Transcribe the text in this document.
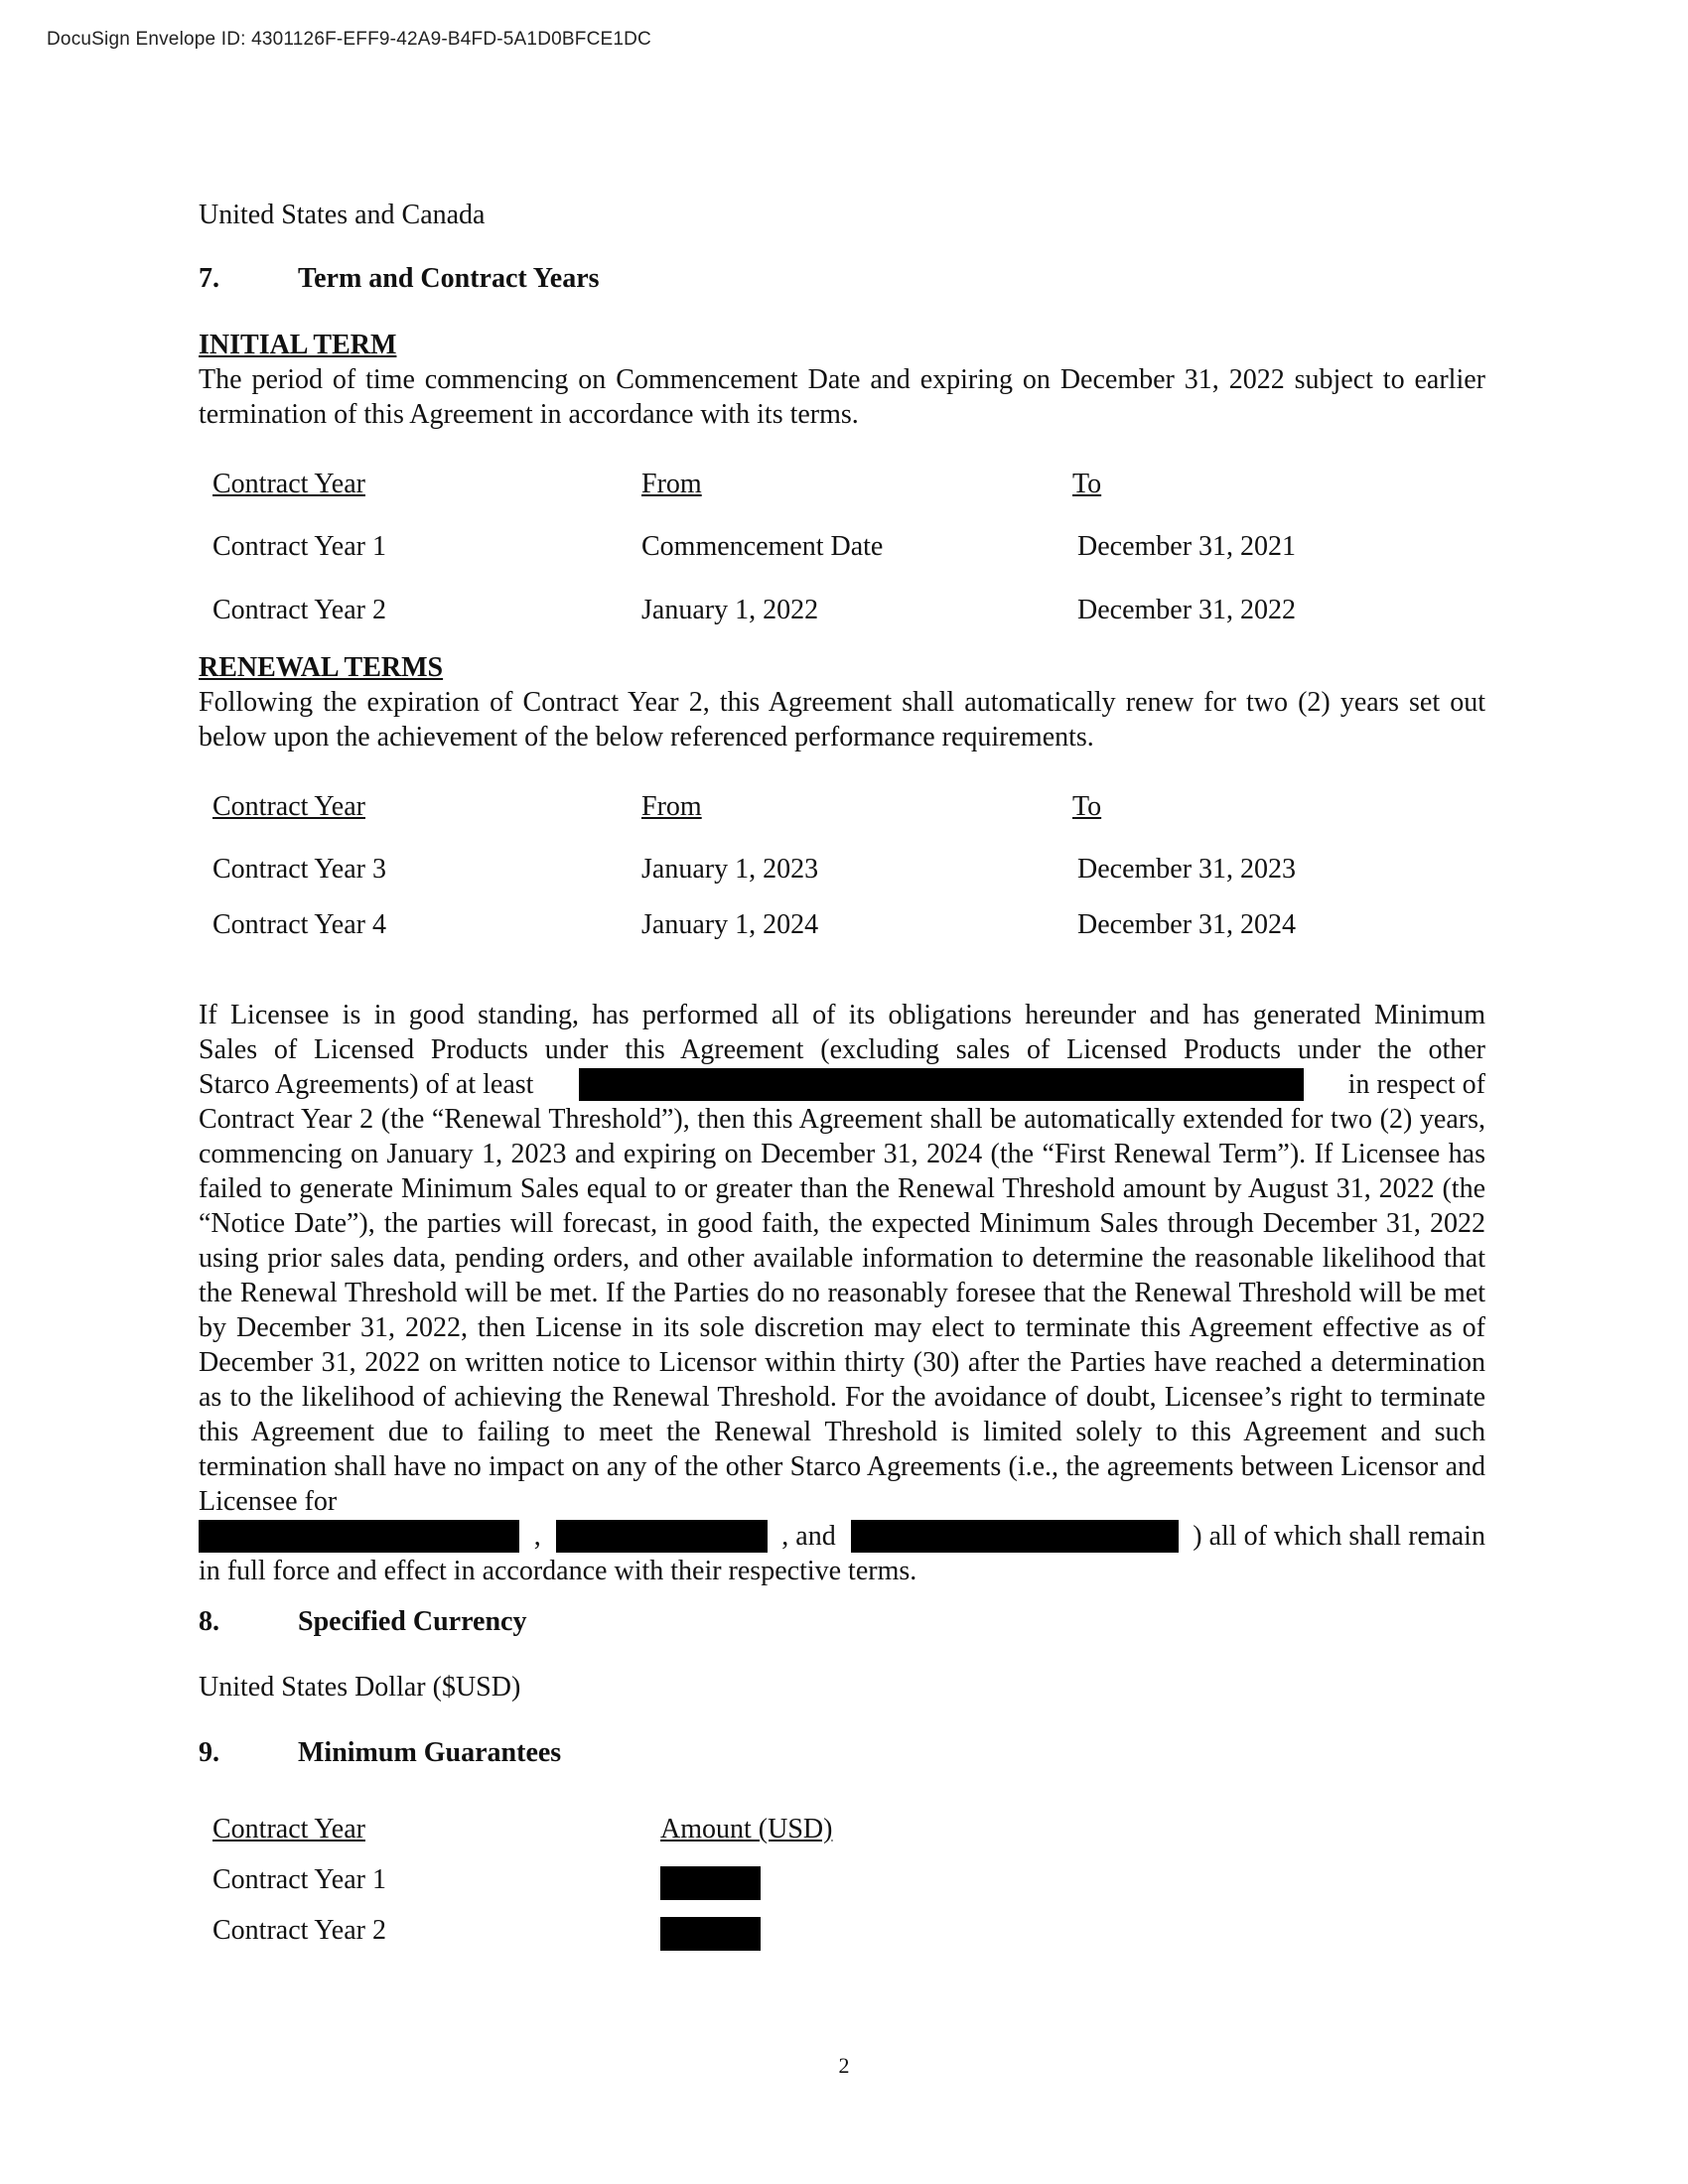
DocuSign Envelope ID: 4301126F-EFF9-42A9-B4FD-5A1D0BFCE1DC
United States and Canada
7.	Term and Contract Years
INITIAL TERM
The period of time commencing on Commencement Date and expiring on December 31, 2022 subject to earlier termination of this Agreement in accordance with its terms.
Contract Year	From	To
Contract Year 1	Commencement Date	December 31, 2021
Contract Year 2	January 1, 2022	December 31, 2022
RENEWAL TERMS
Following the expiration of Contract Year 2, this Agreement shall automatically renew for two (2) years set out below upon the achievement of the below referenced performance requirements.
Contract Year	From	To
Contract Year 3	January 1, 2023	December 31, 2023
Contract Year 4	January 1, 2024	December 31, 2024
If Licensee is in good standing, has performed all of its obligations hereunder and has generated Minimum
Sales of Licensed Products under this Agreement (excluding sales of Licensed Products under the other
Starco Agreements) of at least	in respect of
Contract Year 2 (the “Renewal Threshold”), then this Agreement shall be automatically extended for two (2) years, commencing on January 1, 2023 and expiring on December 31, 2024 (the “First Renewal Term”). If Licensee has failed to generate Minimum Sales equal to or greater than the Renewal Threshold amount by August 31, 2022 (the “Notice Date”), the parties will forecast, in good faith, the expected Minimum Sales through December 31, 2022 using prior sales data, pending orders, and other available information to determine the reasonable likelihood that the Renewal Threshold will be met. If the Parties do no reasonably foresee that the Renewal Threshold will be met by December 31, 2022, then License in its sole discretion may elect to terminate this Agreement effective as of December 31, 2022 on written notice to Licensor within thirty (30) after the Parties have reached a determination as to the likelihood of achieving the Renewal Threshold. For the avoidance of doubt, Licensee’s right to terminate this Agreement due to failing to meet the Renewal Threshold is limited solely to this Agreement and such termination shall have no impact on any of the other Starco Agreements (i.e., the agreements between Licensor and Licensee for
,	, and	) all of which shall remain
in full force and effect in accordance with their respective terms.
8.	Specified Currency
United States Dollar ($USD)
9.	Minimum Guarantees
Contract Year	Amount (USD)
Contract Year 1
Contract Year 2
2
